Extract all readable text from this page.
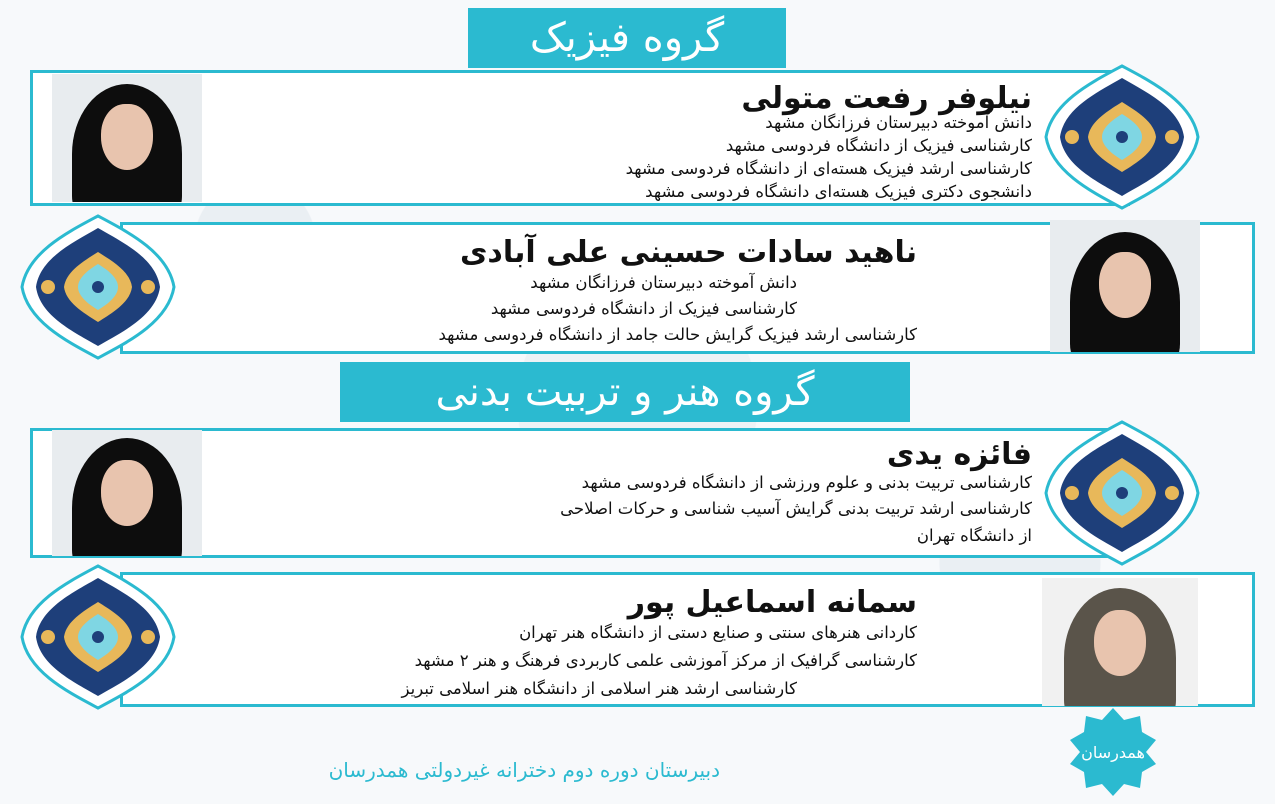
گروه فیزیک
نیلوفر رفعت متولی
دانش آموخته دبیرستان فرزانگان مشهد
کارشناسی فیزیک از دانشگاه فردوسی مشهد
کارشناسی ارشد فیزیک هسته‌ای از دانشگاه فردوسی مشهد
دانشجوی دکتری فیزیک هسته‌ای دانشگاه فردوسی مشهد
گروه هنر و تربیت بدنی
ناهید سادات حسینی علی آبادی
دانش آموخته دبیرستان فرزانگان مشهد
کارشناسی فیزیک از دانشگاه فردوسی مشهد
کارشناسی ارشد فیزیک گرایش حالت جامد از دانشگاه فردوسی مشهد
فائزه یدی
کارشناسی تربیت بدنی و علوم ورزشی از دانشگاه فردوسی مشهد
کارشناسی ارشد تربیت بدنی گرایش آسیب شناسی و حرکات اصلاحی
از دانشگاه تهران
سمانه اسماعیل پور
کاردانی هنرهای سنتی و صنایع دستی از دانشگاه هنر تهران
کارشناسی گرافیک از مرکز آموزشی علمی کاربردی فرهنگ و هنر ۲ مشهد
کارشناسی ارشد هنر اسلامی از دانشگاه هنر اسلامی تبریز
دبیرستان دوره دوم دخترانه غیردولتی همدرسان
همدرسان
